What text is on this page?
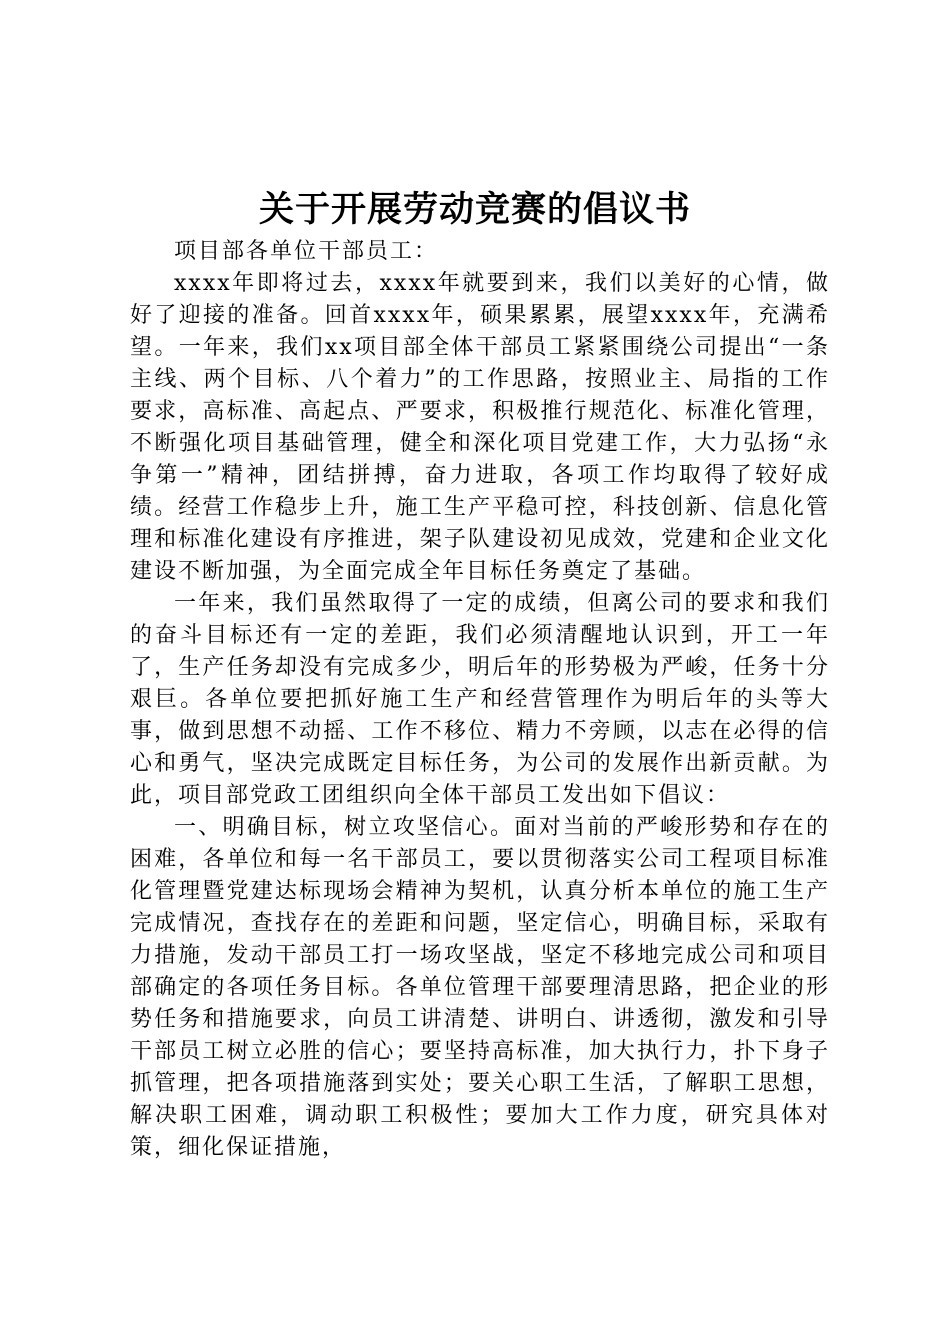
关于开展劳动竞赛的倡议书

项目部各单位干部员工：

xxxx年即将过去，xxxx年就要到来，我们以美好的心情，做好了迎接的准备。回首xxxx年，硕果累累，展望xxxx年，充满希望。一年来，我们xx项目部全体干部员工紧紧围绕公司提出“一条主线、两个目标、八个着力”的工作思路，按照业主、局指的工作要求，高标准、高起点、严要求，积极推行规范化、标准化管理，不断强化项目基础管理，健全和深化项目党建工作，大力弘扬“永争第一”精神，团结拼搏，奋力进取，各项工作均取得了较好成绩。经营工作稳步上升，施工生产平稳可控，科技创新、信息化管理和标准化建设有序推进，架子队建设初见成效，党建和企业文化建设不断加强，为全面完成全年目标任务奠定了基础。

一年来，我们虽然取得了一定的成绩，但离公司的要求和我们的奋斗目标还有一定的差距，我们必须清醒地认识到，开工一年了，生产任务却没有完成多少，明后年的形势极为严峻，任务十分艰巨。各单位要把抓好施工生产和经营管理作为明后年的头等大事，做到思想不动摇、工作不移位、精力不旁顾，以志在必得的信心和勇气，坚决完成既定目标任务，为公司的发展作出新贡献。为此，项目部党政工团组织向全体干部员工发出如下倡议：

一、明确目标，树立攻坚信心。面对当前的严峻形势和存在的困难，各单位和每一名干部员工，要以贯彻落实公司工程项目标准化管理暨党建达标现场会精神为契机，认真分析本单位的施工生产完成情况，查找存在的差距和问题，坚定信心，明确目标，采取有力措施，发动干部员工打一场攻坚战，坚定不移地完成公司和项目部确定的各项任务目标。各单位管理干部要理清思路，把企业的形势任务和措施要求，向员工讲清楚、讲明白、讲透彻，激发和引导干部员工树立必胜的信心；要坚持高标准，加大执行力，扑下身子抓管理，把各项措施落到实处；要关心职工生活，了解职工思想，解决职工困难，调动职工积极性；要加大工作力度，研究具体对策，细化保证措施，
